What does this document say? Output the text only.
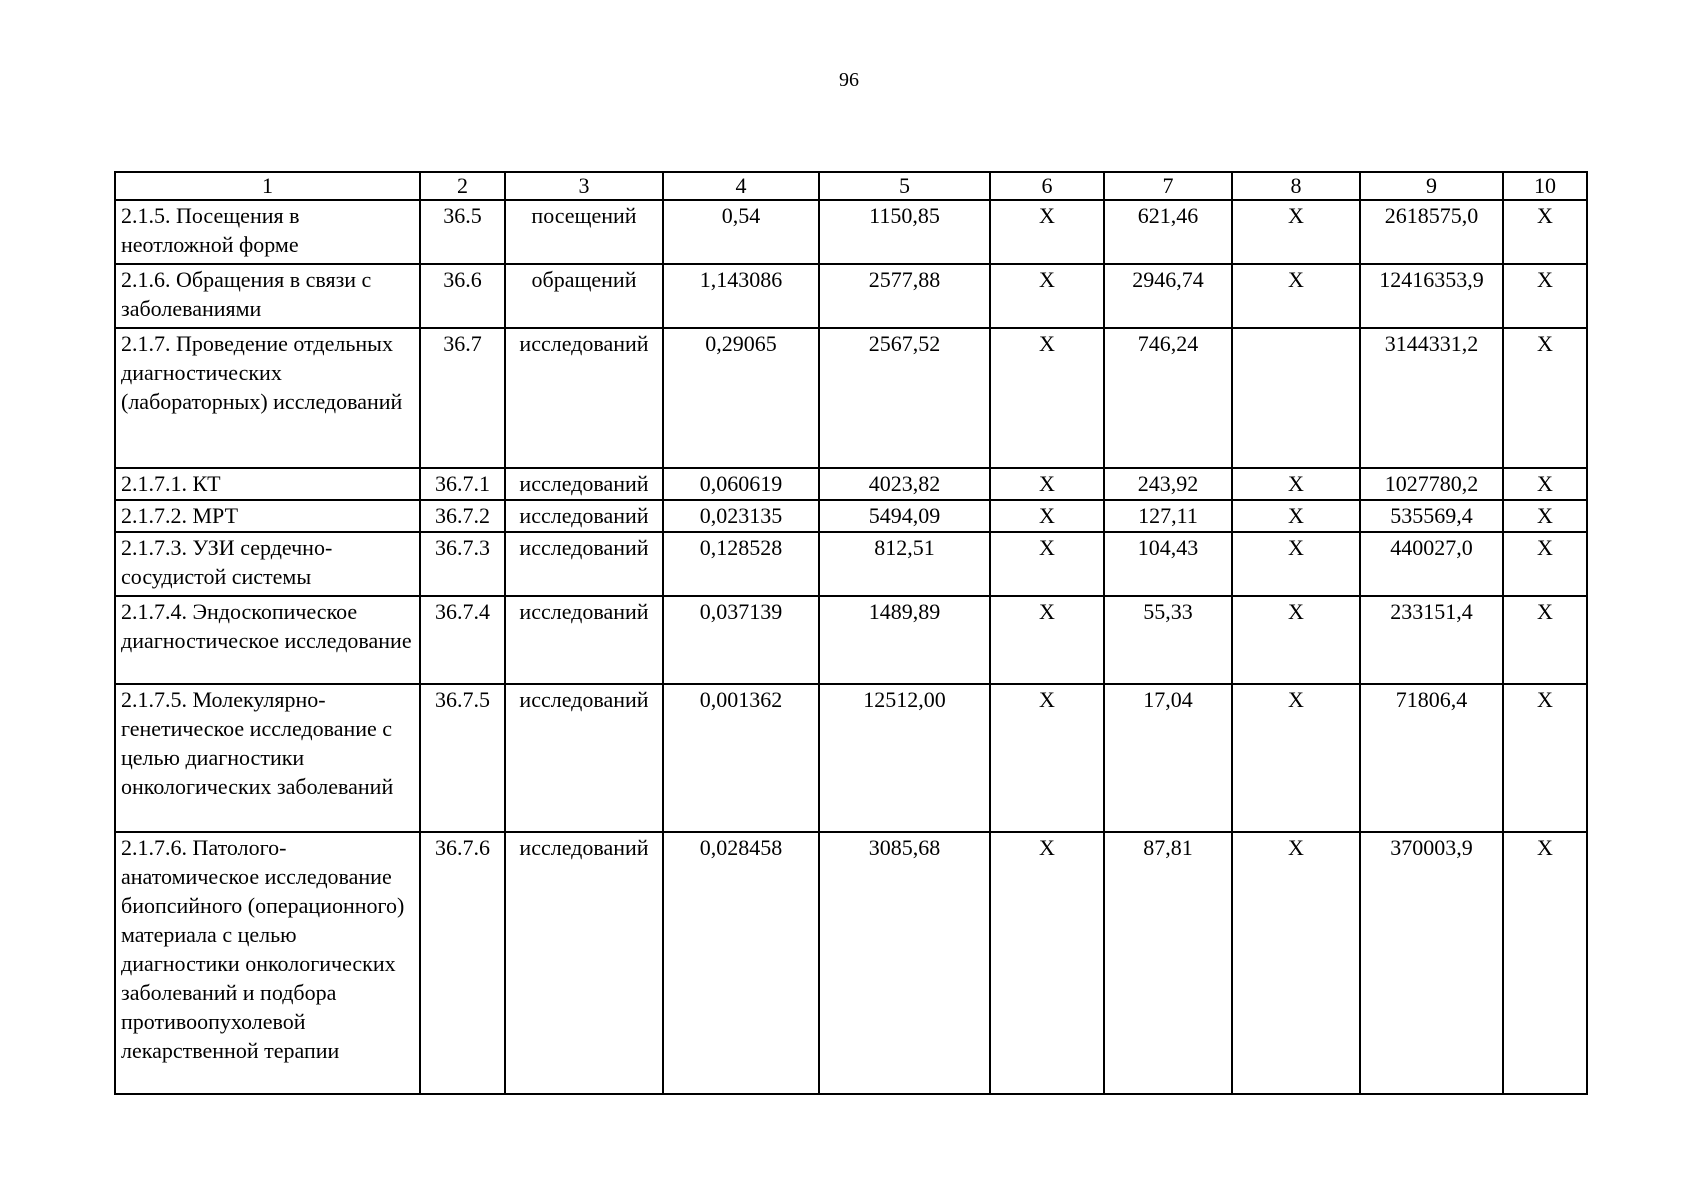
96
1	2	3	4	5	6	7	8	9	10
2.1.5. Посещения в неотложной форме	36.5	посещений	0,54	1150,85	X	621,46	X	2618575,0	X
2.1.6. Обращения в связи с заболеваниями	36.6	обращений	1,143086	2577,88	X	2946,74	X	12416353,9	X
2.1.7. Проведение отдельных диагностических (лабораторных) исследований	36.7	исследований	0,29065	2567,52	X	746,24		3144331,2	X
2.1.7.1. КТ	36.7.1	исследований	0,060619	4023,82	X	243,92	X	1027780,2	X
2.1.7.2. МРТ	36.7.2	исследований	0,023135	5494,09	X	127,11	X	535569,4	X
2.1.7.3. УЗИ сердечно-сосудистой системы	36.7.3	исследований	0,128528	812,51	X	104,43	X	440027,0	X
2.1.7.4. Эндоскопическое диагностическое исследование	36.7.4	исследований	0,037139	1489,89	X	55,33	X	233151,4	X
2.1.7.5. Молекулярно-генетическое исследование с целью диагностики онкологических заболеваний	36.7.5	исследований	0,001362	12512,00	X	17,04	X	71806,4	X
2.1.7.6. Патолого-анатомическое исследование биопсийного (операционного) материала с целью диагностики онкологических заболеваний и подбора противоопухолевой лекарственной терапии	36.7.6	исследований	0,028458	3085,68	X	87,81	X	370003,9	X
